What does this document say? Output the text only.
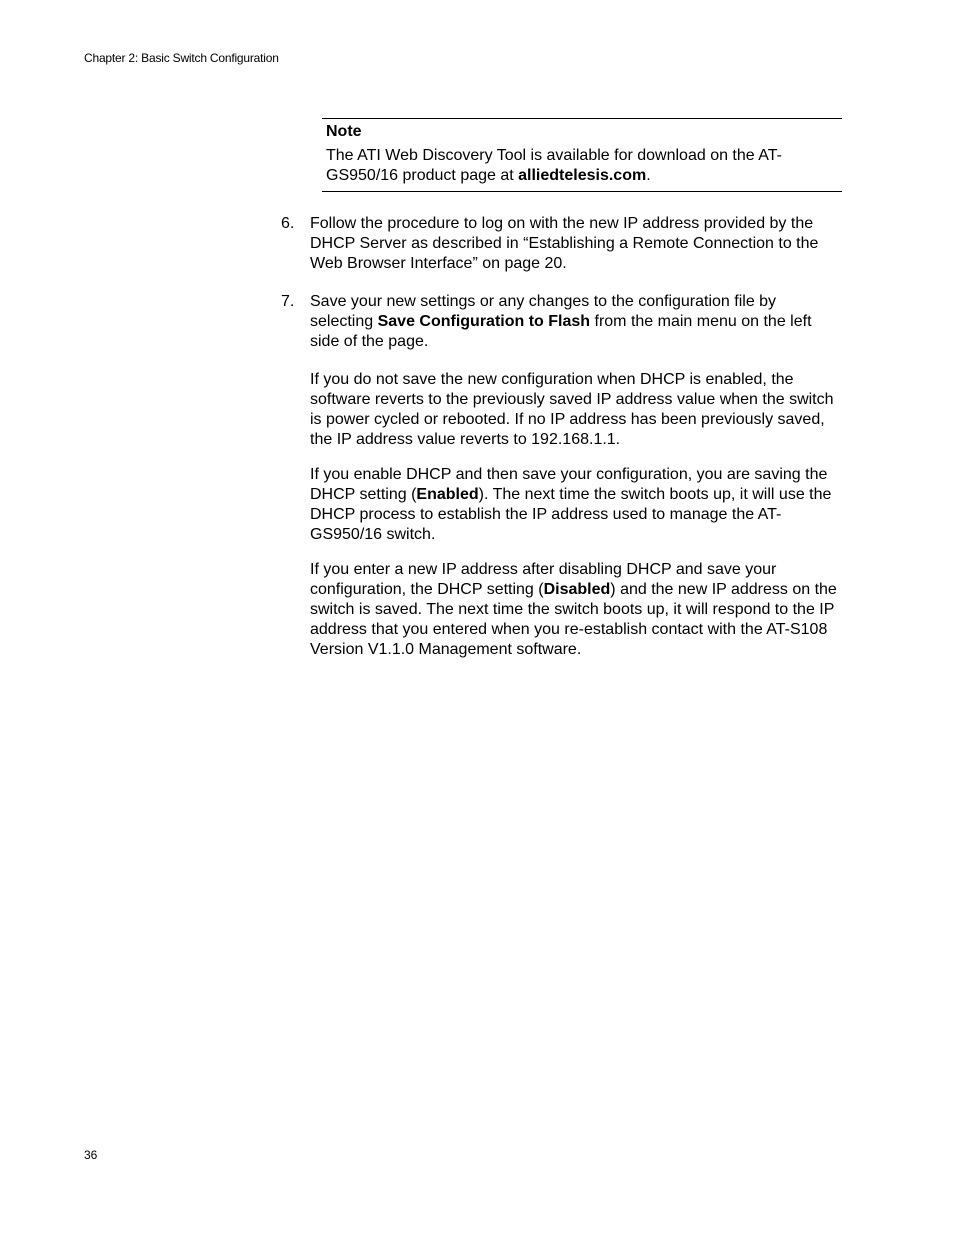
Chapter 2: Basic Switch Configuration
Note
The ATI Web Discovery Tool is available for download on the AT-GS950/16 product page at alliedtelesis.com.
6. Follow the procedure to log on with the new IP address provided by the DHCP Server as described in “Establishing a Remote Connection to the Web Browser Interface” on page 20.
7. Save your new settings or any changes to the configuration file by selecting Save Configuration to Flash from the main menu on the left side of the page.
If you do not save the new configuration when DHCP is enabled, the software reverts to the previously saved IP address value when the switch is power cycled or rebooted. If no IP address has been previously saved, the IP address value reverts to 192.168.1.1.
If you enable DHCP and then save your configuration, you are saving the DHCP setting (Enabled). The next time the switch boots up, it will use the DHCP process to establish the IP address used to manage the AT-GS950/16 switch.
If you enter a new IP address after disabling DHCP and save your configuration, the DHCP setting (Disabled) and the new IP address on the switch is saved. The next time the switch boots up, it will respond to the IP address that you entered when you re-establish contact with the AT-S108 Version V1.1.0 Management software.
36
